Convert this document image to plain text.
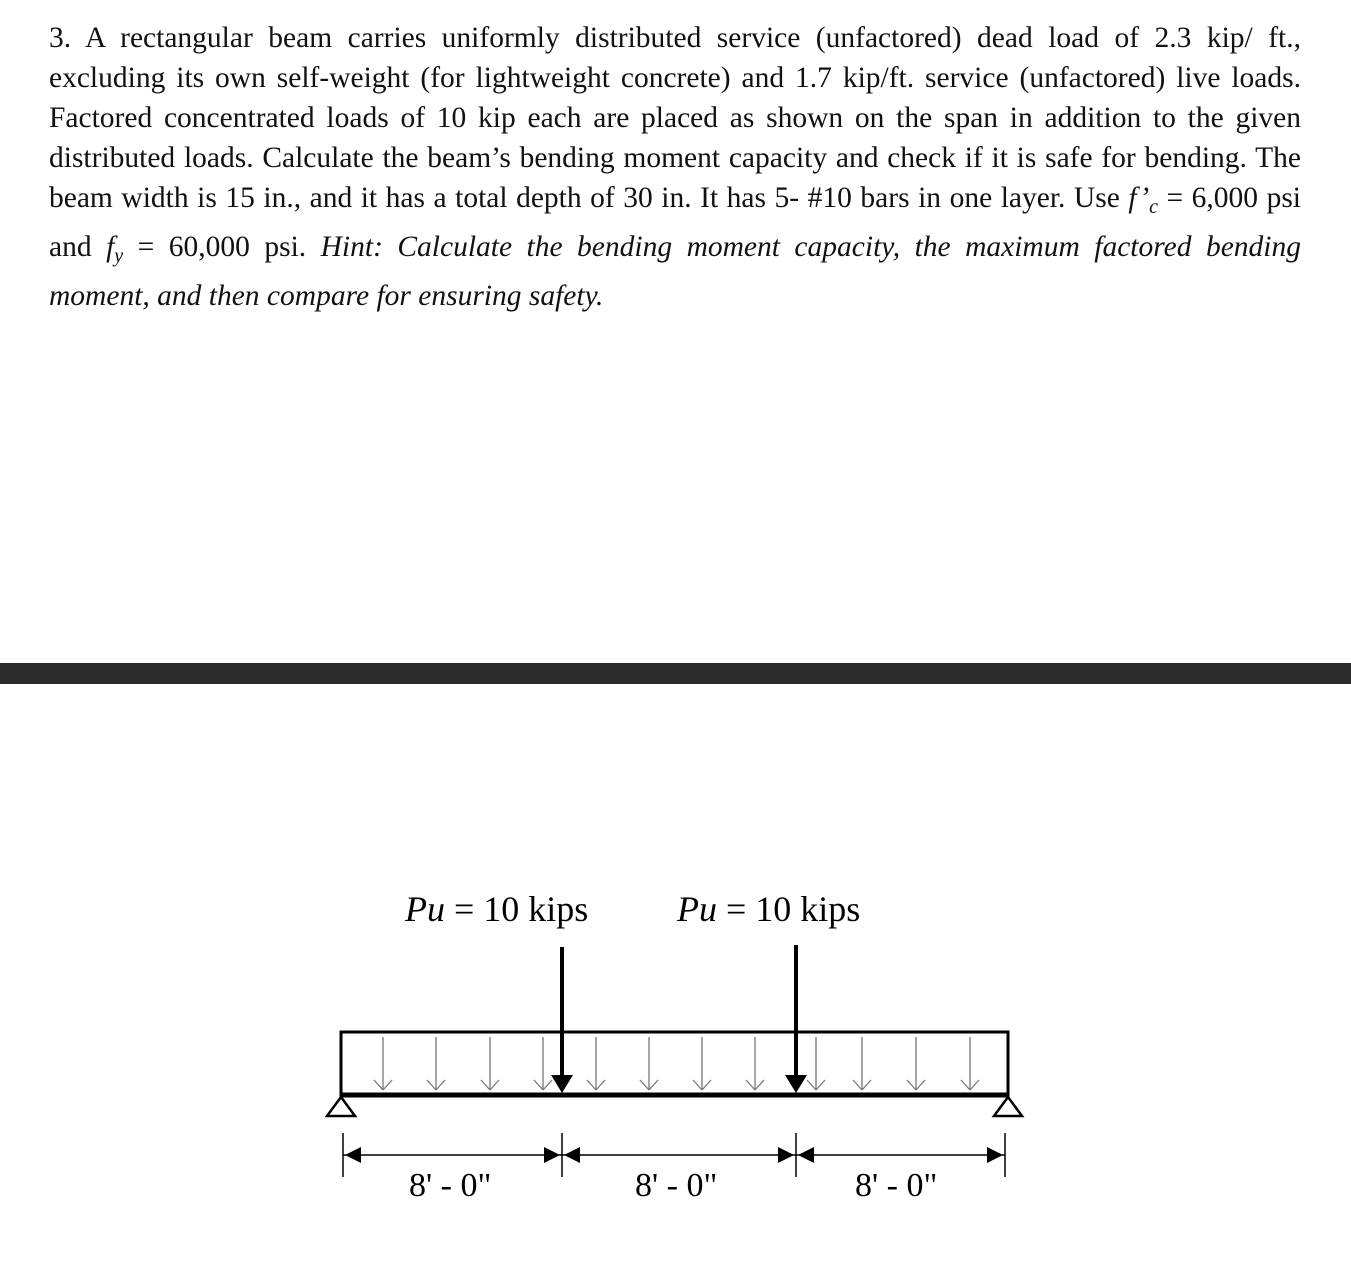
3. A rectangular beam carries uniformly distributed service (unfactored) dead load of 2.3 kip/ ft., excluding its own self-weight (for lightweight concrete) and 1.7 kip/ft. service (unfactored) live loads. Factored concentrated loads of 10 kip each are placed as shown on the span in addition to the given distributed loads. Calculate the beam’s bending moment capacity and check if it is safe for bending. The beam width is 15 in., and it has a total depth of 30 in. It has 5- #10 bars in one layer. Use $f’_c = 6,000$ psi and $f_y = 60,000$ psi. Hint: Calculate the bending moment capacity, the maximum factored bending moment, and then compare for ensuring safety.

Pu = 10 kips Pu = 10 kips
8' - 0"	8' - 0"	8' - 0"
